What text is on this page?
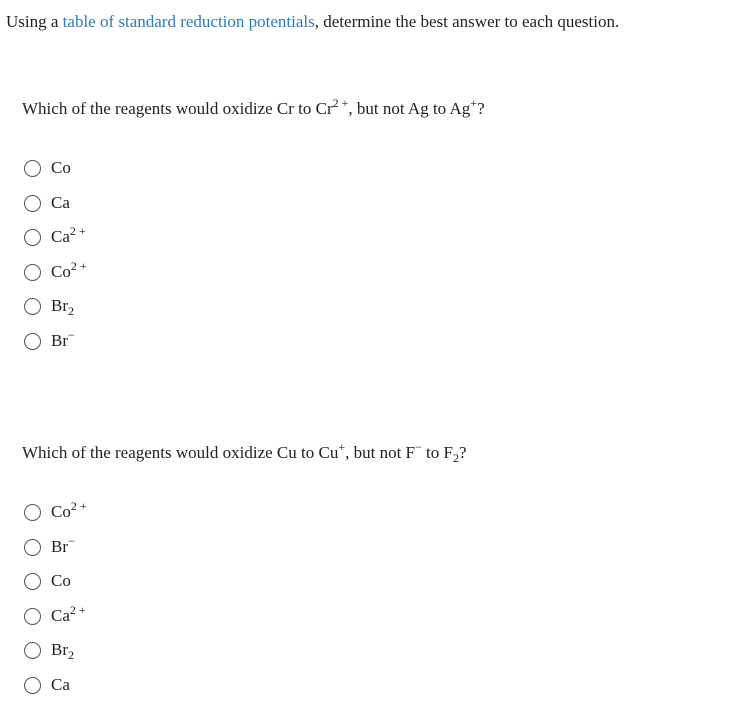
Using a table of standard reduction potentials, determine the best answer to each question.
Which of the reagents would oxidize Cr to $Cr^{2 +}$, but not Ag to Ag+?
Co
Ca
$Ca^{2 +}$
$Co^{2 +}$
$Br_2$
Br−
Which of the reagents would oxidize Cu to Cu+, but not F− to $F_2$?
$Co^{2 +}$
Br−
Co
$Ca^{2 +}$
$Br_2$
Ca
